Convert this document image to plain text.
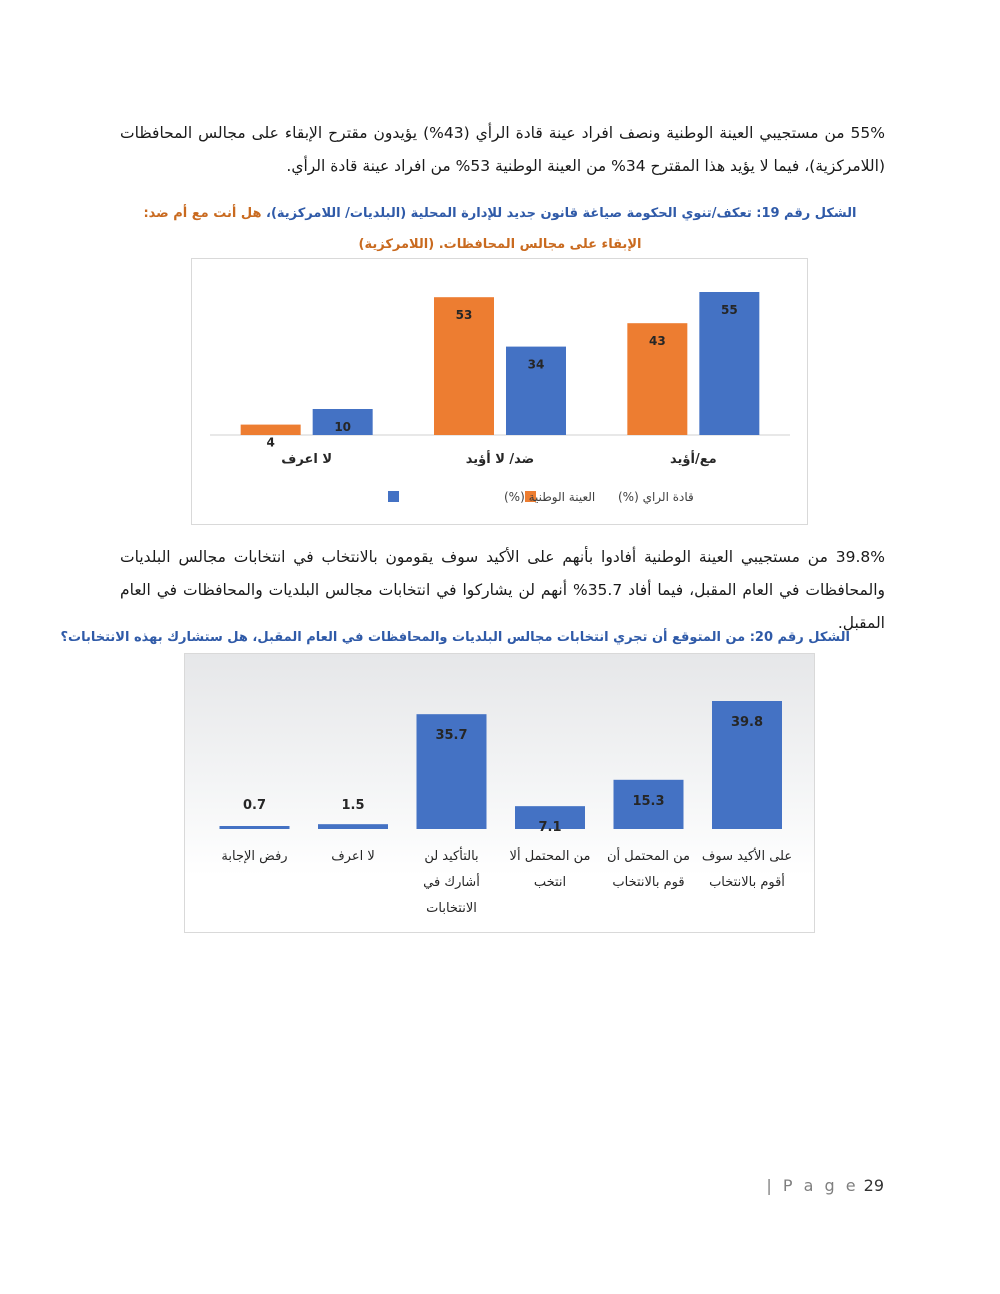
55% من مستجيبي العينة الوطنية ونصف افراد عينة قادة الرأي (43%) يؤيدون مقترح الإبقاء على مجالس المحافظات (اللامركزية)، فيما لا يؤيد هذا المقترح 34% من العينة الوطنية 53% من افراد عينة قادة الرأي.

الشكل رقم 19: تعكف/تنوي الحكومة صياغة قانون جديد للإدارة المحلية (البلديات/ اللامركزية)، هل أنت مع أم ضد: الإبقاء على مجالس المحافظات. (اللامركزية)

43
55
مع/أؤيد
53
34
ضد/ لا أؤيد
4
10
لا اعرف
قادة الراي (%)
العينة الوطنية (%)

39.8% من مستجيبي العينة الوطنية أفادوا بأنهم على الأكيد سوف يقومون بالانتخاب في انتخابات مجالس البلديات والمحافظات في العام المقبل، فيما أفاد 35.7% أنهم لن يشاركوا في انتخابات مجالس البلديات والمحافظات في العام المقبل.

الشكل رقم 20: من المتوقع أن تجري انتخابات مجالس البلديات والمحافظات في العام المقبل، هل ستشارك بهذه الانتخابات؟

39.8
على الأكيد سوف
أقوم بالانتخاب
15.3
من المحتمل أن
قوم بالانتخاب
7.1
من المحتمل ألا
انتخب
35.7
بالتأكيد لن
أشارك في
الانتخابات
1.5
لا اعرف
0.7
رفض الإجابة
| P a g e 29
